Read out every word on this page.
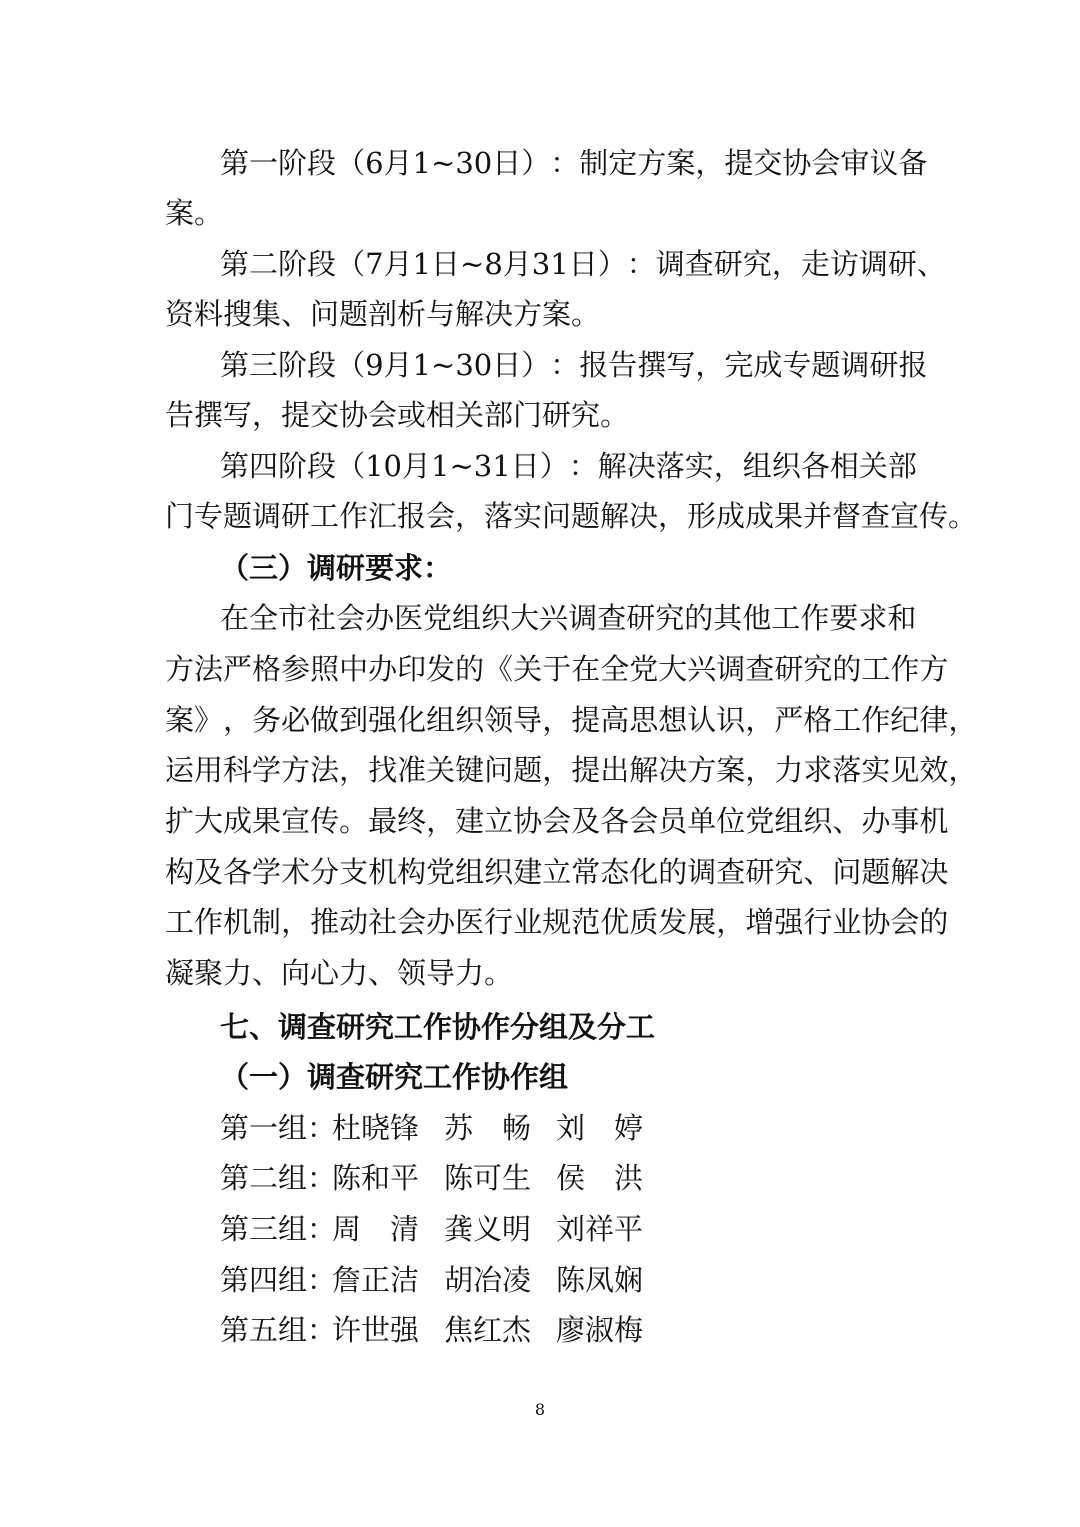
第 一 阶 段 （ 6 月 1 ~ 3 0 日 ） ： 制 定 方 案 ， 提 交 协 会 审 议 备
案。
第 二 阶 段 （ 7 月 1 日 ~ 8 月 3 1 日 ） ： 调 查 研 究 ， 走 访 调 研 、
资料搜集、问题剖析与解决方案。
第 三 阶 段 （ 9 月 1 ~ 3 0 日 ） ： 报 告 撰 写 ， 完 成 专 题 调 研 报
告撰写，提交协会或相关部门研究。
第 四 阶 段 （ 1 0 月 1 ~ 3 1 日 ） ： 解 决 落 实 ， 组 织 各 相 关 部
门专题调研工作汇报会，落实问题解决，形成成果并督查宣传。
（三）调研要求：
在 全 市 社 会 办 医 党 组 织 大 兴 调 查 研 究 的 其 他 工 作 要 求 和
方 法 严 格 参 照 中 办 印 发 的 《 关 于 在 全 党 大 兴 调 查 研 究 的 工 作 方
案 》 ， 务 必 做 到 强 化 组 织 领 导 ， 提 高 思 想 认 识 ， 严 格 工 作 纪 律 ，
运 用 科 学 方 法 ， 找 准 关 键 问 题 ， 提 出 解 决 方 案 ， 力 求 落 实 见 效 ，
扩 大 成 果 宣 传 。 最 终 ， 建 立 协 会 及 各 会 员 单 位 党 组 织 、 办 事 机
构 及 各 学 术 分 支 机 构 党 组 织 建 立 常 态 化 的 调 查 研 究 、 问 题 解 决
工 作 机 制 ， 推 动 社 会 办 医 行 业 规 范 优 质 发 展 ， 增 强 行 业 协 会 的
凝聚力、向心力、领导力。
七、调查研究工作协作分组及分工
（一）调查研究工作协作组
第一组：
杜晓锋 苏　畅 刘　婷
第二组：
陈和平 陈可生 侯　洪
第三组：
周　清 龚义明 刘祥平
第四组：
詹正洁 胡冶凌 陈凤娴
第五组：
许世强 焦红杰 廖淑梅
8
